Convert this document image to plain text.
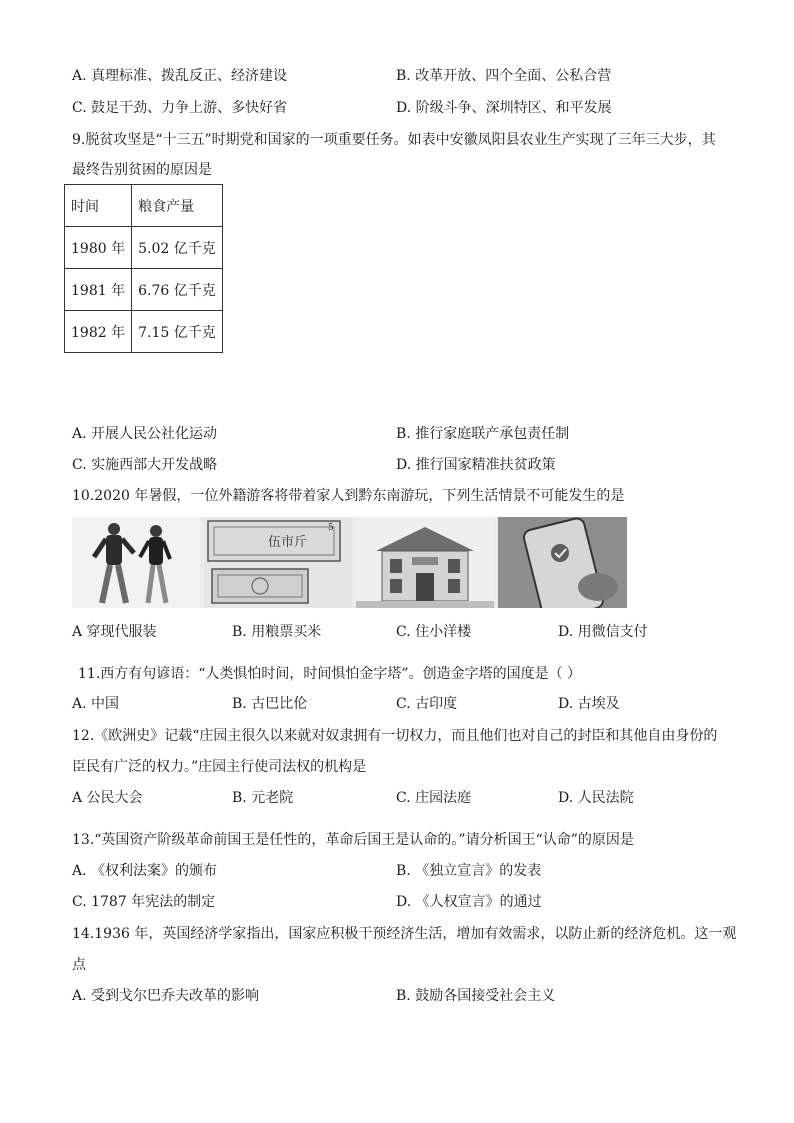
A. 真理标准、拨乱反正、经济建设	B. 改革开放、四个全面、公私合营
C. 鼓足干劲、力争上游、多快好省	D. 阶级斗争、深圳特区、和平发展
9.脱贫攻坚是“十三五”时期党和国家的一项重要任务。如表中安徽凤阳县农业生产实现了三年三大步，其
最终告别贫困的原因是
时间	粮食产量
1980 年	5.02 亿千克
1981 年	6.76 亿千克
1982 年	7.15 亿千克
A. 开展人民公社化运动	B. 推行家庭联产承包责任制
C. 实施西部大开发战略	D. 推行国家精准扶贫政策
10.2020 年暑假，一位外籍游客将带着家人到黔东南游玩，下列生活情景不可能发生的是
伍市斤
5
A 穿现代服装	B. 用粮票买米	C. 住小洋楼	D. 用微信支付
11.西方有句谚语：“人类惧怕时间，时间惧怕金字塔”。创造金字塔的国度是（ ）
A. 中国	B. 古巴比伦	C. 古印度	D. 古埃及
12.《欧洲史》记载“庄园主很久以来就对奴隶拥有一切权力，而且他们也对自己的封臣和其他自由身份的
臣民有广泛的权力。”庄园主行使司法权的机构是
A 公民大会	B. 元老院	C. 庄园法庭	D. 人民法院
13.“英国资产阶级革命前国王是任性的，革命后国王是认命的。”请分析国王“认命”的原因是
A. 《权利法案》的颁布	B. 《独立宣言》的发表
C. 1787 年宪法的制定	D. 《人权宣言》的通过
14.1936 年，英国经济学家指出，国家应积极干预经济生活，增加有效需求，以防止新的经济危机。这一观
点
A. 受到戈尔巴乔夫改革的影响	B. 鼓励各国接受社会主义
